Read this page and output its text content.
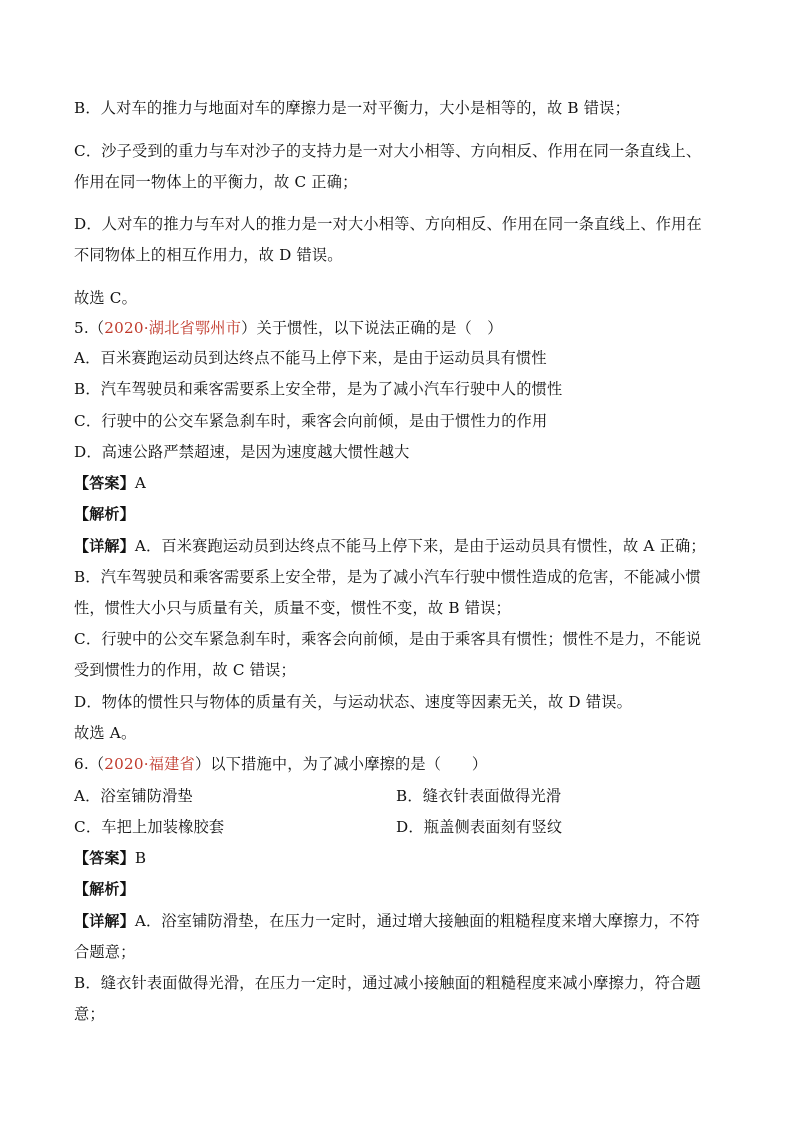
B．人对车的推力与地面对车的摩擦力是一对平衡力，大小是相等的，故 B 错误；
C．沙子受到的重力与车对沙子的支持力是一对大小相等、方向相反、作用在同一条直线上、
作用在同一物体上的平衡力，故 C 正确；
D．人对车的推力与车对人的推力是一对大小相等、方向相反、作用在同一条直线上、作用在
不同物体上的相互作用力，故 D 错误。
故选 C。
5.（2020·湖北省鄂州市）关于惯性，以下说法正确的是（　）
A．百米赛跑运动员到达终点不能马上停下来，是由于运动员具有惯性
B．汽车驾驶员和乘客需要系上安全带，是为了减小汽车行驶中人的惯性
C．行驶中的公交车紧急刹车时，乘客会向前倾，是由于惯性力的作用
D．高速公路严禁超速，是因为速度越大惯性越大
【答案】A
【解析】
【详解】A．百米赛跑运动员到达终点不能马上停下来，是由于运动员具有惯性，故 A 正确；
B．汽车驾驶员和乘客需要系上安全带，是为了减小汽车行驶中惯性造成的危害，不能减小惯
性，惯性大小只与质量有关，质量不变，惯性不变，故 B 错误；
C．行驶中的公交车紧急刹车时，乘客会向前倾，是由于乘客具有惯性；惯性不是力，不能说
受到惯性力的作用，故 C 错误；
D．物体的惯性只与物体的质量有关，与运动状态、速度等因素无关，故 D 错误。
故选 A。
6.（2020·福建省）以下措施中，为了减小摩擦的是（　　）
A．浴室铺防滑垫	B．缝衣针表面做得光滑
C．车把上加装橡胶套	D．瓶盖侧表面刻有竖纹
【答案】B
【解析】
【详解】A．浴室铺防滑垫，在压力一定时，通过增大接触面的粗糙程度来增大摩擦力，不符
合题意；
B．缝衣针表面做得光滑，在压力一定时，通过减小接触面的粗糙程度来减小摩擦力，符合题
意；
